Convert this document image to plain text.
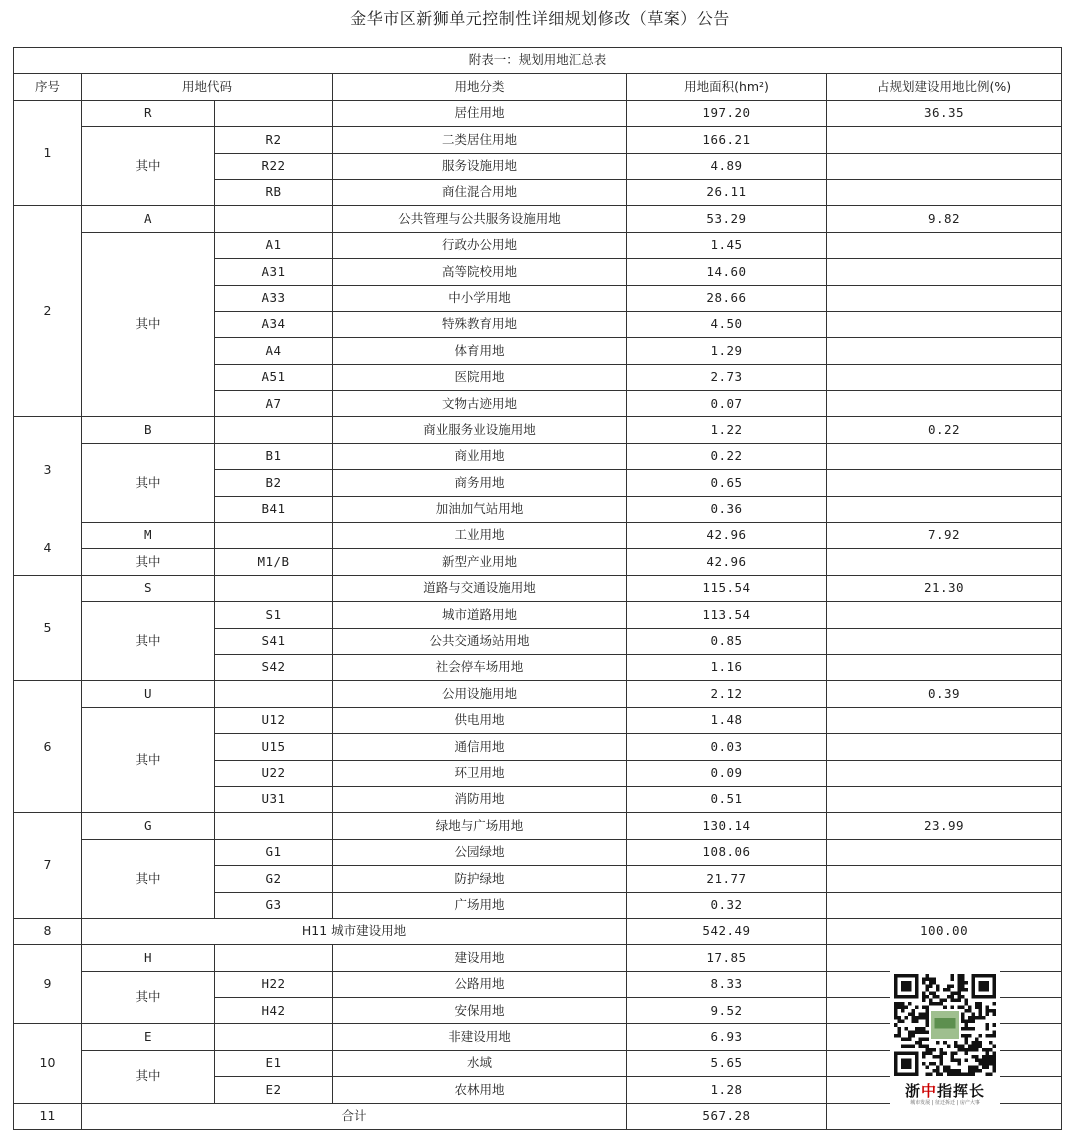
金华市区新狮单元控制性详细规划修改（草案）公告
附表一：规划用地汇总表					
序号	用地代码		用地分类	用地面积(hm²)	占规划建设用地比例(%)
1	R		居住用地	197.20	36.35
	其中	R2	二类居住用地	166.21	
		R22	服务设施用地	4.89	
		RB	商住混合用地	26.11	
2	A		公共管理与公共服务设施用地	53.29	9.82
	其中	A1	行政办公用地	1.45	
		A31	高等院校用地	14.60	
		A33	中小学用地	28.66	
		A34	特殊教育用地	4.50	
		A4	体育用地	1.29	
		A51	医院用地	2.73	
		A7	文物古迹用地	0.07	
3	B		商业服务业设施用地	1.22	0.22
	其中	B1	商业用地	0.22	
		B2	商务用地	0.65	
		B41	加油加气站用地	0.36	
4	M		工业用地	42.96	7.92
	其中	M1/B	新型产业用地	42.96	
5	S		道路与交通设施用地	115.54	21.30
	其中	S1	城市道路用地	113.54	
		S41	公共交通场站用地	0.85	
		S42	社会停车场用地	1.16	
6	U		公用设施用地	2.12	0.39
	其中	U12	供电用地	1.48	
		U15	通信用地	0.03	
		U22	环卫用地	0.09	
		U31	消防用地	0.51	
7	G		绿地与广场用地	130.14	23.99
	其中	G1	公园绿地	108.06	
		G2	防护绿地	21.77	
		G3	广场用地	0.32	
8	H11 城市建设用地			542.49	100.00
9	H		建设用地	17.85	
	其中	H22	公路用地	8.33	
		H42	安保用地	9.52	
10	E		非建设用地	6.93	
	其中	E1	水域	5.65	
		E2	农林用地	1.28	
11	合计			567.28	
浙中指挥长
城市发展 | 征迁拆迁 | 房产大事
